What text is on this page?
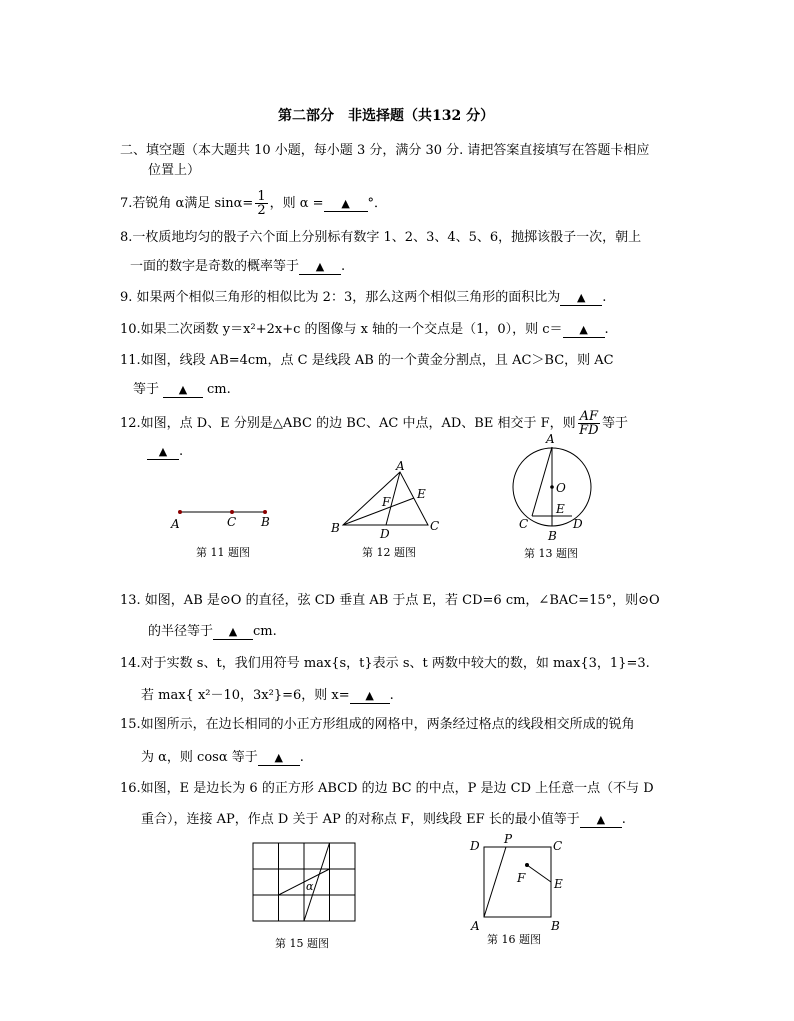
第二部分　非选择题（共132 分）
二、填空题（本大题共 10 小题，每小题 3 分，满分 30 分. 请把答案直接填写在答题卡相应
位置上）
7.若锐角 α满足 $\sin\alpha= \frac{1}{2}$ ，则 α = ▲ °．
8.一枚质地均匀的骰子六个面上分别标有数字 1、2、3、4、5、6，抛掷该骰子一次，朝上
一面的数字是奇数的概率等于 ▲ .
9. 如果两个相似三角形的相似比为 2：3，那么这两个相似三角形的面积比为 ▲ .
10.如果二次函数 y＝x²+2x+c 的图像与 x 轴的一个交点是（1，0），则 c＝ ▲ .
11.如图，线段 AB=4cm，点 C 是线段 AB 的一个黄金分割点，且 AC＞BC，则 AC
等于 ▲ cm.
12.如图，点 D、E 分别是△ABC 的边 BC、AC 中点，AD、BE 相交于 F，则 $\frac{AF}{FD}$ 等于
▲ .
A	C B
第 11 题图
A
B	C
D
E
F
第 12 题图
A
O
E
C
B
D
第 13 题图
13. 如图，AB 是⊙O 的直径，弦 CD 垂直 AB 于点 E，若 CD=6 cm，∠BAC=15°，则⊙O
的半径等于 ▲ cm.
14.对于实数 s、t，我们用符号 max{s，t}表示 s、t 两数中较大的数，如 max{3，1}=3.
若 max{ x²－10，3x²}=6，则 x= ▲ .
15.如图所示，在边长相同的小正方形组成的网格中，两条经过格点的线段相交所成的锐角
为 α，则 cosα 等于 ▲ .
16.如图，E 是边长为 6 的正方形 ABCD 的边 BC 的中点，P 是边 CD 上任意一点（不与 D
重合），连接 AP，作点 D 关于 AP 的对称点 F，则线段 EF 长的最小值等于 ▲ .
α
第 15 题图
D P	C
F E
A	B
第 16 题图
